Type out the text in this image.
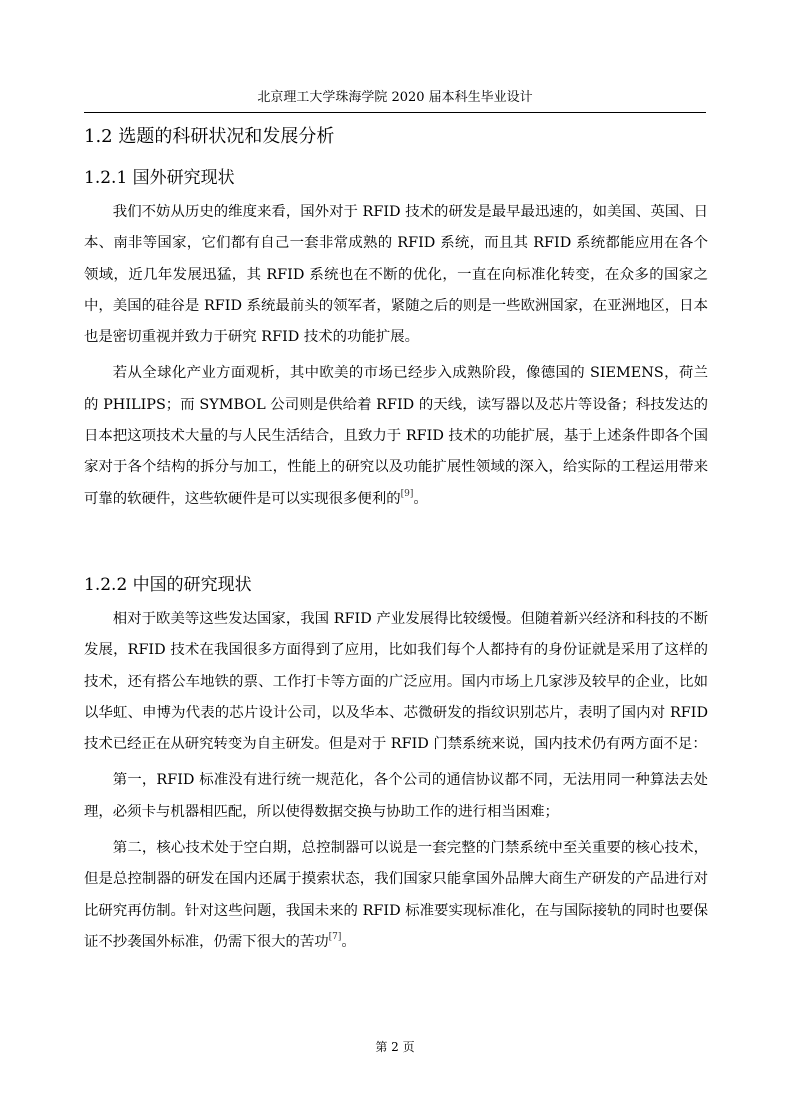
北京理工大学珠海学院 2020 届本科生毕业设计
1.2 选题的科研状况和发展分析
1.2.1 国外研究现状

我们不妨从历史的维度来看，国外对于 RFID 技术的研发是最早最迅速的，如美国、英国、日本、南非等国家，它们都有自己一套非常成熟的 RFID 系统，而且其 RFID 系统都能应用在各个领域，近几年发展迅猛，其 RFID 系统也在不断的优化，一直在向标准化转变，在众多的国家之中，美国的硅谷是 RFID 系统最前头的领军者，紧随之后的则是一些欧洲国家，在亚洲地区，日本也是密切重视并致力于研究 RFID 技术的功能扩展。

若从全球化产业方面观析，其中欧美的市场已经步入成熟阶段，像德国的 SIEMENS，荷兰的 PHILIPS；而 SYMBOL 公司则是供给着 RFID 的天线，读写器以及芯片等设备；科技发达的日本把这项技术大量的与人民生活结合，且致力于 RFID 技术的功能扩展，基于上述条件即各个国家对于各个结构的拆分与加工，性能上的研究以及功能扩展性领域的深入，给实际的工程运用带来可靠的软硬件，这些软硬件是可以实现很多便利的[9]。

1.2.2 中国的研究现状

相对于欧美等这些发达国家，我国 RFID 产业发展得比较缓慢。但随着新兴经济和科技的不断发展，RFID 技术在我国很多方面得到了应用，比如我们每个人都持有的身份证就是采用了这样的技术，还有搭公车地铁的票、工作打卡等方面的广泛应用。国内市场上几家涉及较早的企业，比如以华虹、申博为代表的芯片设计公司，以及华本、芯微研发的指纹识别芯片，表明了国内对 RFID 技术已经正在从研究转变为自主研发。但是对于 RFID 门禁系统来说，国内技术仍有两方面不足：

第一，RFID 标准没有进行统一规范化，各个公司的通信协议都不同，无法用同一种算法去处理，必须卡与机器相匹配，所以使得数据交换与协助工作的进行相当困难；

第二，核心技术处于空白期，总控制器可以说是一套完整的门禁系统中至关重要的核心技术，但是总控制器的研发在国内还属于摸索状态，我们国家只能拿国外品牌大商生产研发的产品进行对比研究再仿制。针对这些问题，我国未来的 RFID 标准要实现标准化，在与国际接轨的同时也要保证不抄袭国外标准，仍需下很大的苦功[7]。

第 2 页
